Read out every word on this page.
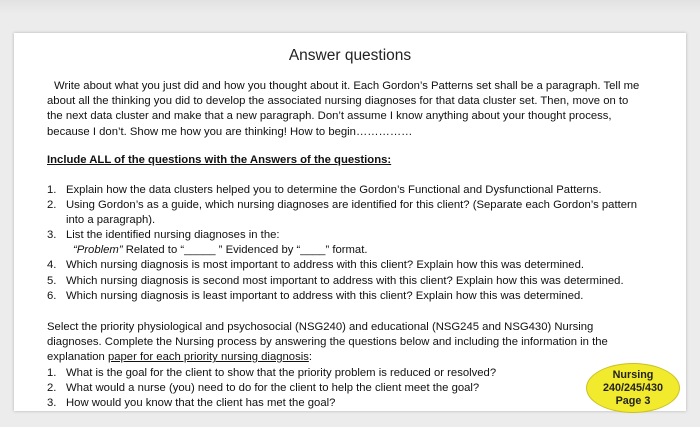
Answer questions
Write about what you just did and how you thought about it. Each Gordon’s Patterns set shall be a paragraph. Tell me about all the thinking you did to develop the associated nursing diagnoses for that data cluster set. Then, move on to the next data cluster and make that a new paragraph. Don’t assume I know anything about your thought process, because I don’t. Show me how you are thinking! How to begin……………
Include ALL of the questions with the Answers of the questions:
1. Explain how the data clusters helped you to determine the Gordon’s Functional and Dysfunctional Patterns.
2. Using Gordon’s as a guide, which nursing diagnoses are identified for this client? (Separate each Gordon’s pattern into a paragraph).
3. List the identified nursing diagnoses in the:
“Problem” Related to “_____ ” Evidenced by “____” format.
4. Which nursing diagnosis is most important to address with this client? Explain how this was determined.
5. Which nursing diagnosis is second most important to address with this client? Explain how this was determined.
6. Which nursing diagnosis is least important to address with this client? Explain how this was determined.
Select the priority physiological and psychosocial (NSG240) and educational (NSG245 and NSG430) Nursing diagnoses. Complete the Nursing process by answering the questions below and including the information in the explanation paper for each priority nursing diagnosis:
1. What is the goal for the client to show that the priority problem is reduced or resolved?
2. What would a nurse (you) need to do for the client to help the client meet the goal?
3. How would you know that the client has met the goal?
Nursing
240/245/430
Page 3
